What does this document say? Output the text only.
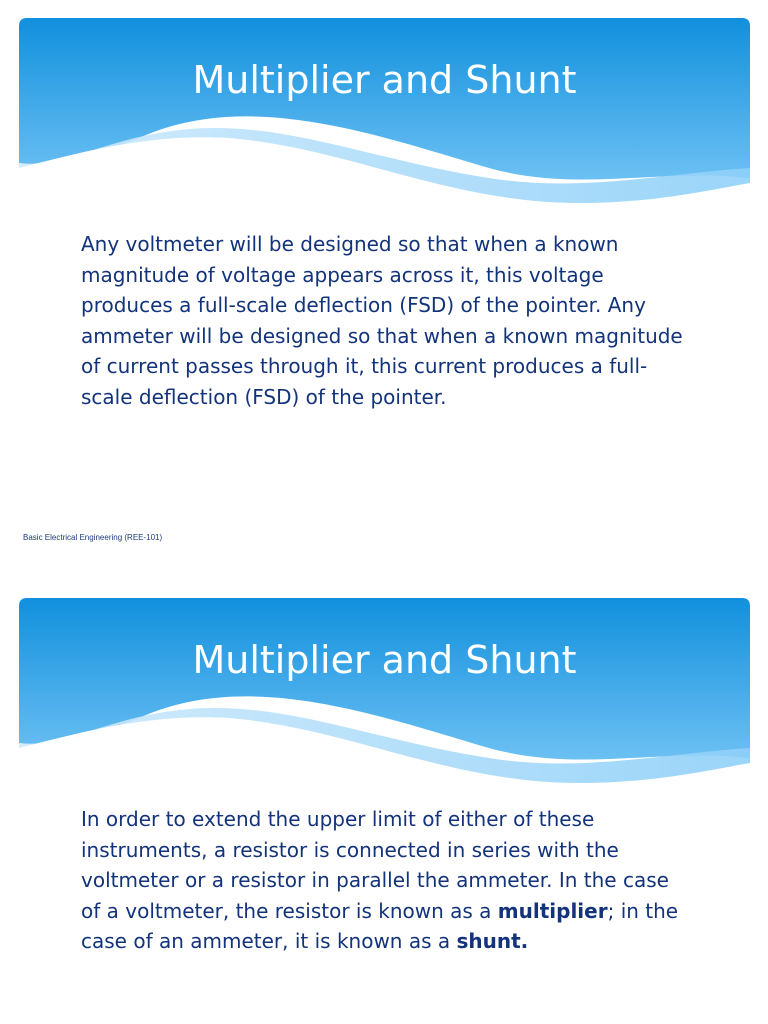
Multiplier and Shunt

Any voltmeter will be designed so that when a known magnitude of voltage appears across it, this voltage produces a full-scale deflection (FSD) of the pointer. Any ammeter will be designed so that when a known magnitude of current passes through it, this current produces a full-scale deflection (FSD) of the pointer.

Basic Electrical Engineering (REE-101)
Multiplier and Shunt

In order to extend the upper limit of either of these instruments, a resistor is connected in series with the voltmeter or a resistor in parallel the ammeter. In the case of a voltmeter, the resistor is known as a multiplier; in the case of an ammeter, it is known as a shunt.
